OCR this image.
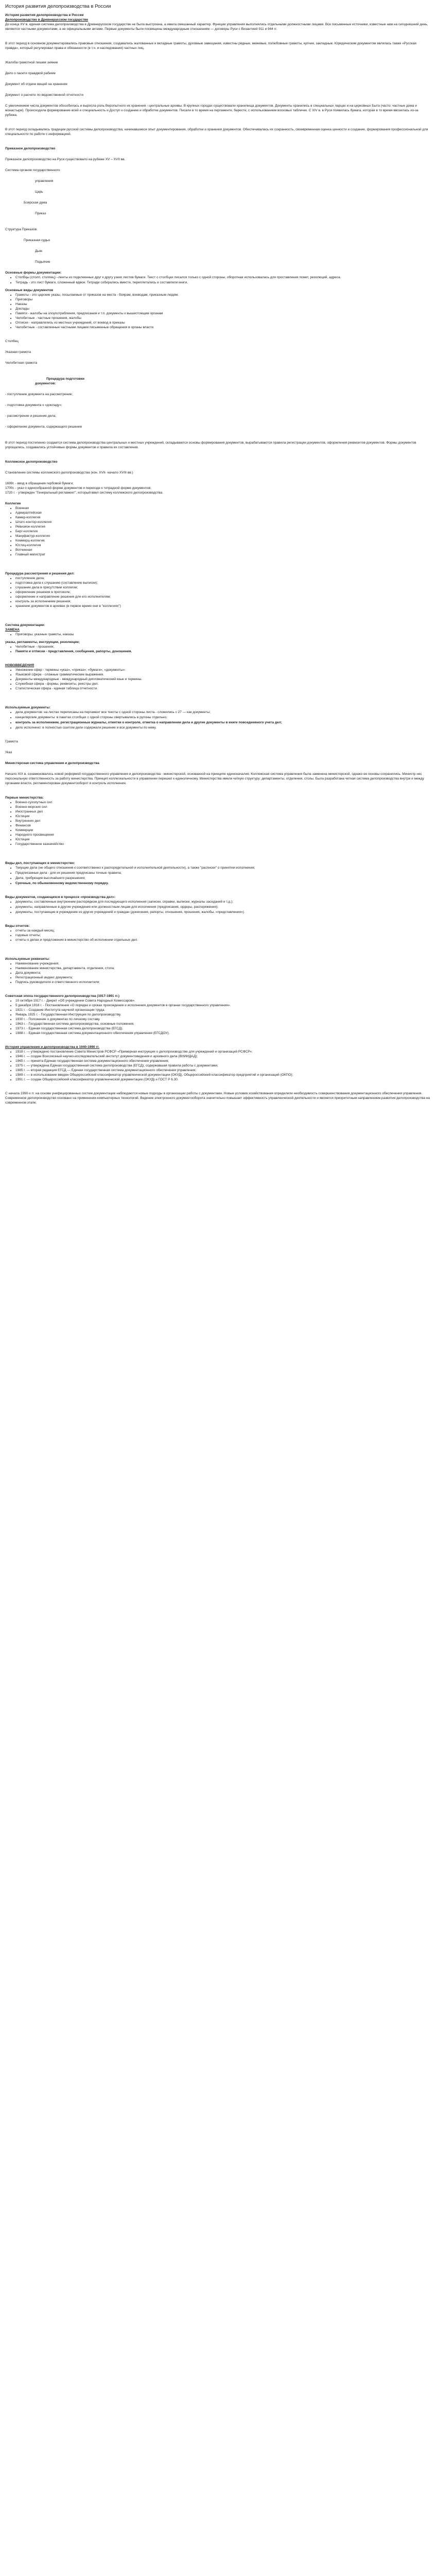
История развития делопроизводства в России
История развития делопроизводства в России
Делопроизводство в Древнерусском государстве

До конца XV в. единая система делопроизводства в Древнерусском государстве не была выстроена, а имела смешанный характер. Функции управления выполнялись отдельными должностными лицами. Все письменные источники, известные нам на сегодняшний день, являются частными документами, а не официальными актами. Первые документы были посвящены международным отношениям — договоры Руси с Византией 911 и 944 гг.

В этот период в основном документировались правовые отношения, создавались жалованные и вкладные грамоты, духовные завещания, известны рядные, межевые, полюбовные грамоты, купчие, закладные. Юридическим документом являлась также «Русская правда», который регулировал права и обязанности (в т.ч. и наследования) частных лиц.

Жалоба грамотной пишем зияние
Дело о пасети правдвой рабием
Документ об отдаче вещей на хранение
Документ о расчете по ведомственной отчетности

С увеличением числа документов обособилась и выросла роль Веропытного их хранения - центральные архивы. В крупных городах существовали хранилища документов. Документы хранились в специальных ларцах и на церковных Быта (часто: частные дома и монастыри). Происходила формирование всей и специальность и Доступ к созданию и обработке документов. Писали в то время на пергаменте, бересте, с использованием восковых табличек. С XIV в. в Руси появилась бумага, которая в то время ввозилась из-за рубежа.

В этот период складывались традиции русской системы делопроизводства, начинавшиеся опыт документирования, обработки и хранения документов. Обеспечивалась их сохранность, своевременная оценка ценности и создание, формирования профессиональной для специальности по работе с информацией.

Приказное делопроизводство
Приказное делопроизводство на Руси существовало на рубеже XV – XVII вв.
Система органов государственного
управления
Царь
Боярская дума
Приказ
Структура Приказов:
Приказная судья
Дьяк
Подьячие
Основные формы документации:
• Столбцы (столп, столпец) –ленты из подклеенных друг к другу узких листов бумаги. Текст с столбцах писался только с одной стороны, оборотная использовалась для проставления помет, резолюций, адреса.
• Тетрадь - это лист бумаги, сложенный вдвое. Тетради собирались вместе, переплетались и составляли книги.
Основные виды документов
• Грамоты - это царские указы, посылаемые от приказов на места - боярам, воеводам, приказным людям.
• Приговоры
• Наказы
• Доклады
• Памяти - жалобы на злоупотребления, предписания и т.п. документы к вышестоящим органам
• Челобитные - частные прошения, жалобы
• Отписки - направлялись из местных учреждений, от воевод в приказы
• Челобитные - составленные частными лицами письменные обращения в органы власти
Столбец
Указная грамота
Челобитная грамота
Процедура подготовки
документов:
- поступление документа на рассмотрение;
- подготовка документа к «докладу»;
- рассмотрение и решение дела;
- оформление документа, содержащего решение

В этот период постепенно создается система делопроизводства центральных и местных учреждений, складываются основы формирования документов, вырабатываются правила регистрации документов, оформления реквизитов документов. Формы документов упрощались, создавались устойчивые формы документов и правила их составления.

Коллежское делопроизводство
Становление системы коллежского делопроизводства (кон. XVII- начало XVIII вв.)
1699г. - ввод в обращение гербовой бумаги;
1700г. - указ о единообразной форме документов и переходе к тетрадной форме документов;
1720 г. - утвержден "Генеральный регламент", который ввел систему коллежского делопроизводства.
Коллегии
• Военная
• Адмиралтейская
• Камер-коллегия
• Штатс-контор-коллегия
• Ревизион-коллегия
• Берг-коллегия
• Мануфактур-коллегия
• Коммерц-коллегия
• Юстиц-коллегия
• Вотчинная
• Главный магистрат
Процедура рассмотрения и решения дел:
• поступление дела;
• подготовка дела к слушанию (составление выписки);
• слушание дела в присутствии коллегии;
• оформление решения в протоколе;
• оформление и направление решения для его исполнителям;
• контроль за исполнением решения;
• хранение документов в архивах (в первое время они в "коллегиях")
Система документации:
ЗАМЕНА
• Приговоры, указные грамоты, наказы
указы, регламенты, инструкции, резолюции;
• Челобитные - прошения;
• Памяти и отписки - представления, сообщения, рапорты, доношения.
НОВОВВЕДЕНИЯ
• Умножение сфер - термины «указ», «приказ»; «бумаги», «документы».
• Языковой сфере - сложные грамматические выражения.
• Документы международные - международный дипломатический язык и термины.
• Служебная сфера - формы, реквизиты, реестры дел.
• Статистическая сфера - единая таблица отчетности.
Используемые документы:
• дела документов: на листах переписаны на пергамент все тексты с одной стороны листа - сложились с 27 — как документы;
• канцелярские документы: в пакетах столбцах с одной стороны свертывались в рулоны отдельно;
• контроль за исполнением, регистрационные журналы, отметки о контроле, отметка о направлении дела и другие документы в книге повседневного учета дел;
• дело исполнено: в полностью сшитом деле содержали решение и все документы по нему.
Грамота
Указ
Министерская система управления и делопроизводства

Начало XIX в. ознаменовалось новой реформой государственного управления и делопроизводства - министерской, основанной на принципе единоначалия. Коллежская система управления была заменена министерской, однако ее основы сохранились. Министр нес персональную ответственность за работу министерства. Принцип коллегиальности в управлении перешел к единоличному. Министерства имели четкую структуру: департаменты, отделения, столы. Была разработана четкая система делопроизводства внутри и между органами власти, регламентирован документооборот и контроль исполнения.

Первые министерства:
• Военно-сухопутных сил
• Военно-морских сил
• Иностранных дел
• Юстиции
• Внутренних дел
• Финансов
• Коммерции
• Народного просвещения
• Юстиции
• Государственное казначейство
Виды дел, поступающих в министерство:
• Текущие дела (не общего отношения к соответственно к распорядительной и исполнительной деятельности), а также "расписки" о принятии исполнения;
• Предписанные дела - для их решения предписаны точные правила;
• Дела, требующие высочайшего разрешения;
• Срочные, по обыкновенному ведомственному порядку.
Виды документов, создающихся в процессе «производства дел»:
• документы, составленные внутренним распорядком для последующего исполнения (записки, справки, выписки, журналы заседаний и т.д.);
• документы, направленные в другие учреждения или должностным лицам для исполнения (предписания, ордеры, распоряжения);
• документы, поступающие в учреждение из других учреждений и граждан (донесения, рапорты, отношения, прошения, жалобы, «представления»).
Виды отчетов:
• отчеты за каждый месяц;
• годовые отчеты;
• отчеты о делах и предложения в министерство об исполнении отдельных дел.
Используемые реквизиты:
• Наименование учреждения;
• Наименование министерства, департамента, отделения, стола;
• Дата документа;
• Регистрационный индекс документа;
• Подпись руководителя и ответственного исполнителя;
Советская эпоха государственного делопроизводства (1917-1991 гг.)
• 10 октября 1917 г. - Декрет «Об учреждении Совета Народных Комиссаров».
• 5 декабря 1918 г. - Постановление «О порядке и сроках прохождения и исполнения документов в органах государственного управления».
• 1921 г. - Создание Института научной организации труда.
• Январь 1925 г. - Государственная Инструкция по делопроизводству.
• 1930 г. - Положение о документах по личному составу.
• 1963 г. - Государственная система делопроизводства, основные положения.
• 1973 г. - Единая государственная система делопроизводства (ЕГСД).
• 1988 г. - Единая государственная система документационного обеспечения управления (ЕГСДОУ).
История управления и делопроизводства в 1940-1990 гг.
• 1918 г. — утверждено постановление Совета Министров РСФСР «Примерная инструкция о делопроизводстве для учреждений и организаций РСФСР»;
• 1946 г. — создан Всесоюзный научно-исследовательский институт документоведения и архивного дела (ВНИИДАД);
• 1965 г. — принята Единая государственная система документационного обеспечения управления;
• 1975 г. — утверждена Единая государственная система делопроизводства (ЕГСД), содержавшая правила работы с документами;
• 1985 г. — вторая редакция ЕГСД — Единая государственная система документационного обеспечения управления;
• 1989 г. — в использование введен Общероссийский классификатор управленческой документации (ОКУД), Общероссийский классификатор предприятий и организаций (ОКПО);
• 1991 г. — создан Общероссийский классификатор управленческой документации (ОКУД) и ГОСТ Р 6.30.

С начала 1990-х гг. на основе унифицированных систем документации наблюдаются новые подходы в организации работы с документами. Новые условия хозяйствования определили необходимость совершенствования документационного обеспечения управления. Современное делопроизводство основано на применении компьютерных технологий. Ведение электронного документооборота значительно повышает эффективность управленческой деятельности и является приоритетным направлением развития делопроизводства на современном этапе.
